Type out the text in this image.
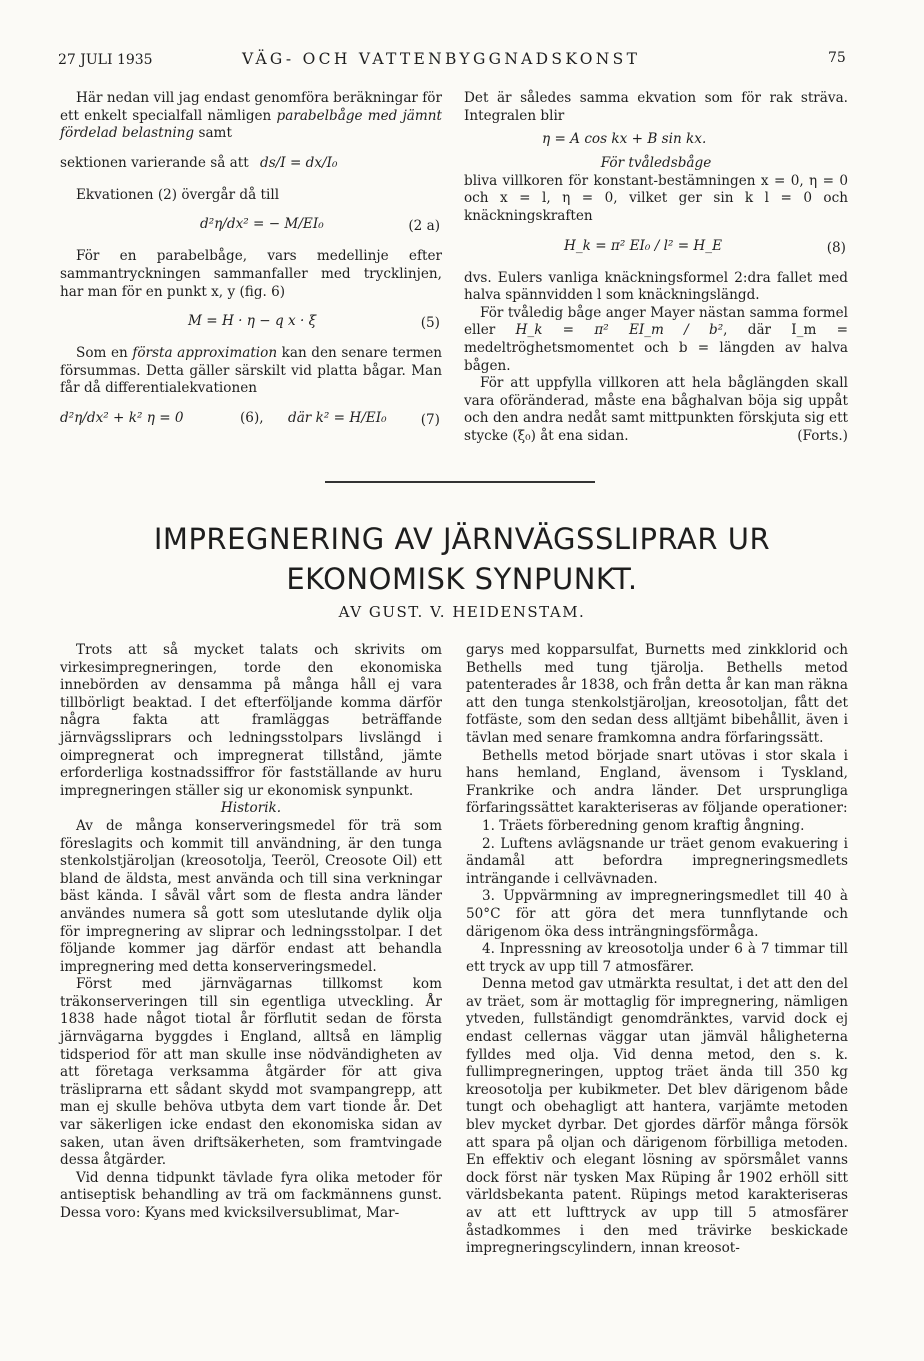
27 JULI 1935	VÄG- OCH VATTENBYGGNADSKONST	75

Här nedan vill jag endast genomföra beräkningar för ett enkelt specialfall nämligen parabelbåge med jämnt fördelad belastning samt

sektionen varierande så att ds/I = dx/I₀

Ekvationen (2) övergår då till

d²η/dx² = − M/EI₀	(2 a)

För en parabelbåge, vars medellinje efter sammantryckningen sammanfaller med trycklinjen, har man för en punkt x, y (fig. 6)

M = H · η − q x · ξ	(5)

Som en första approximation kan den senare termen försummas. Detta gäller särskilt vid platta bågar. Man får då differentialekvationen

d²η/dx² + k² η = 0	(6), där k² = H/EI₀	(7)

Det är således samma ekvation som för rak sträva. Integralen blir

η = A cos kx + B sin kx.

För tvåledsbåge

bliva villkoren för konstant-bestämningen x = 0, η = 0 och x = l, η = 0, vilket ger sin k l = 0 och knäckningskraften

H_k = π² EI₀ / l² = H_E	(8)

dvs. Eulers vanliga knäckningsformel 2:dra fallet med halva spännvidden l som knäckningslängd.

För tvåledig båge anger Mayer nästan samma formel eller H_k = π² EI_m / b², där I_m = medeltröghetsmomentet och b = längden av halva bågen.

För att uppfylla villkoren att hela båglängden skall vara oföränderad, måste ena båghalvan böja sig uppåt och den andra nedåt samt mittpunkten förskjuta sig ett stycke (ξ₀) åt ena sidan.	(Forts.)

IMPREGNERING AV JÄRNVÄGSSLIPRAR UR
EKONOMISK SYNPUNKT.
AV GUST. V. HEIDENSTAM.

Trots att så mycket talats och skrivits om virkesimpregneringen, torde den ekonomiska innebörden av densamma på många håll ej vara tillbörligt beaktad. I det efterföljande komma därför några fakta att framläggas beträffande järnvägssliprars och ledningsstolpars livslängd i oimpregnerat och impregnerat tillstånd, jämte erforderliga kostnadssiffror för fastställande av huru impregneringen ställer sig ur ekonomisk synpunkt.

Historik.

Av de många konserveringsmedel för trä som föreslagits och kommit till användning, är den tunga stenkolstjäroljan (kreosotolja, Teeröl, Creosote Oil) ett bland de äldsta, mest använda och till sina verkningar bäst kända. I såväl vårt som de flesta andra länder användes numera så gott som uteslutande dylik olja för impregnering av sliprar och ledningsstolpar. I det följande kommer jag därför endast att behandla impregnering med detta konserveringsmedel.

Först med järnvägarnas tillkomst kom träkonserveringen till sin egentliga utveckling. År 1838 hade något tiotal år förflutit sedan de första järnvägarna byggdes i England, alltså en lämplig tidsperiod för att man skulle inse nödvändigheten av att företaga verksamma åtgärder för att giva träsliprarna ett sådant skydd mot svampangrepp, att man ej skulle behöva utbyta dem vart tionde år. Det var säkerligen icke endast den ekonomiska sidan av saken, utan även driftsäkerheten, som framtvingade dessa åtgärder.

Vid denna tidpunkt tävlade fyra olika metoder för antiseptisk behandling av trä om fackmännens gunst. Dessa voro: Kyans med kvicksilversublimat, Mar-

garys med kopparsulfat, Burnetts med zinkklorid och Bethells med tung tjärolja. Bethells metod patenterades år 1838, och från detta år kan man räkna att den tunga stenkolstjäroljan, kreosotoljan, fått det fotfäste, som den sedan dess alltjämt bibehållit, även i tävlan med senare framkomna andra förfaringssätt.

Bethells metod började snart utövas i stor skala i hans hemland, England, ävensom i Tyskland, Frankrike och andra länder. Det ursprungliga förfaringssättet karakteriseras av följande operationer:

1. Träets förberedning genom kraftig ångning.

2. Luftens avlägsnande ur träet genom evakuering i ändamål att befordra impregneringsmedlets inträngande i cellvävnaden.

3. Uppvärmning av impregneringsmedlet till 40 à 50°C för att göra det mera tunnflytande och därigenom öka dess inträngningsförmåga.

4. Inpressning av kreosotolja under 6 à 7 timmar till ett tryck av upp till 7 atmosfärer.

Denna metod gav utmärkta resultat, i det att den del av träet, som är mottaglig för impregnering, nämligen ytveden, fullständigt genomdränktes, varvid dock ej endast cellernas väggar utan jämväl håligheterna fylldes med olja. Vid denna metod, den s. k. fullimpregneringen, upptog träet ända till 350 kg kreosotolja per kubikmeter. Det blev därigenom både tungt och obehagligt att hantera, varjämte metoden blev mycket dyrbar. Det gjordes därför många försök att spara på oljan och därigenom förbilliga metoden. En effektiv och elegant lösning av spörsmålet vanns dock först när tysken Max Rüping år 1902 erhöll sitt världsbekanta patent. Rüpings metod karakteriseras av att ett lufttryck av upp till 5 atmosfärer åstadkommes i den med trävirke beskickade impregneringscylindern, innan kreosot-
